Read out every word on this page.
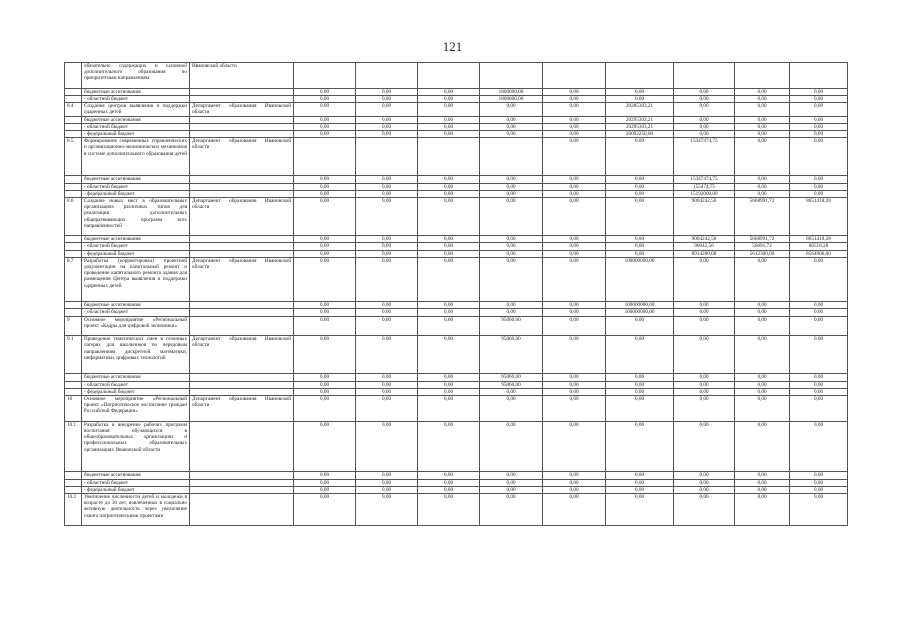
121
	обязательно содержащих и основной дополнительного образования по приоритетным направлениям	Ивановской области									
	бюджетные ассигнования		0,00	0,00	0,00	1800000,00	0,00	0,00	0,00	0,00	0,00
	- областной бюджет		0,00	0,00	0,00	1800000,00	0,00	0,00	0,00	0,00	0,00
8.4	Создание центров выявления и поддержки одаренных детей	Департамент образования Ивановской области	0,00	0,00	0,00	0,00	0,00	20285303,21	0,00	0,00	0,00
	бюджетные ассигнования		0,00	0,00	0,00	0,00	0,00	20295303,21	0,00	0,00	0,00
	- областной бюджет		0,00	0,00	0,00	0,00	0,00	20295303,21	0,00	0,00	0,00
	- федеральный бюджет		0,00	0,00	0,00	0,00	0,00	20092250,00	0,00	0,00	0,00
8.5	Формирование современных управленческих и организационно-экономических механизмов в системе дополнительного образования детей	Департамент образования Ивановской области					0,00	0,00	15347474,75	0,00	0,00
	бюджетные ассигнования		0,00	0,00	0,00	0,00	0,00	0,00	15347474,75	0,00	0,00
	- областной бюджет		0,00	0,00	0,00	0,00	0,00	0,00	155474,75	0,00	0,00
	- федеральный бюджет		0,00	0,00	0,00	0,00	0,00	0,00	15192000,00	0,00	0,00
8.6	Создание новых мест в образовательных организациях различных типов для реализации дополнительных общеразвивающих программ всех направленностей	Департамент образования Ивановской области	0,00	0,00	0,00	0,00	0,00	0,00	9004242,56	5668991,72	8651418,28
	бюджетные ассигнования		0,00	0,00	0,00	0,00	0,00	0,00	9004242,56	5668991,72	8651418,28
	- областной бюджет		0,00	0,00	0,00	0,00	0,00	0,00	90042,56	56691,72	86518,28
	- федеральный бюджет		0,00	0,00	0,00	0,00	0,00	0,00	8914200,00	5612300,00	8564900,00
8.7	Разработка (корректировка) проектной документации на капитальный ремонт и проведение капитального ремонта здания для размещения Центра выявления и поддержки одаренных детей	Департамент образования Ивановской области	0,00	0,00	0,00	0,00	0,00	100000000,00	0,00	0,00	0,00
	бюджетные ассигнования		0,00	0,00	0,00	0,00	0,00	100000000,00	0,00	0,00	0,00
	- областной бюджет		0,00	0,00	0,00	0,00	0,00	100000000,00	0,00	0,00	0,00
9	Основное мероприятие «Региональный проект «Кадры для цифровой экономики»		0,00	0,00	0,00	95060,00	0,00	0,00	0,00	0,00	0,00
9.1	Проведение тематических смен в сезонных лагерях для школьников по передовым направлениям дискретной математики, информатики, цифровых технологий	Департамент образования Ивановской области	0,00	0,00	0,00	95060,00	0,00	0,00	0,00	0,00	0,00
	бюджетные ассигнования		0,00	0,00	0,00	95060,00	0,00	0,00	0,00	0,00	0,00
	- областной бюджет		0,00	0,00	0,00	95060,00	0,00	0,00	0,00	0,00	0,00
	- федеральный бюджет		0,00	0,00	0,00	0,00	0,00	0,00	0,00	0,00	0,00
10	Основное мероприятие «Региональный проект «Патриотическое воспитание граждан Российской Федерации»	Департамент образования Ивановской области	0,00	0,00	0,00	0,00	0,00	0,00	0,00	0,00	0,00
10.1	Разработка и внедрение рабочих программ воспитания обучающихся в общеобразовательных организациях и профессиональных образовательных организациях Ивановской области		0,00	0,00	0,00	0,00	0,00	0,00	0,00	0,00	0,00
	бюджетные ассигнования		0,00	0,00	0,00	0,00	0,00	0,00	0,00	0,00	0,00
	- областной бюджет		0,00	0,00	0,00	0,00	0,00	0,00	0,00	0,00	0,00
	- федеральный бюджет		0,00	0,00	0,00	0,00	0,00	0,00	0,00	0,00	0,00
10.2	Увеличение численности детей и молодежи в возрасте до 30 лет, вовлеченных в социально активную деятельность через увеличение охвата патриотическими проектами		0,00	0,00	0,00	0,00	0,00	0,00	0,00	0,00	0,00
